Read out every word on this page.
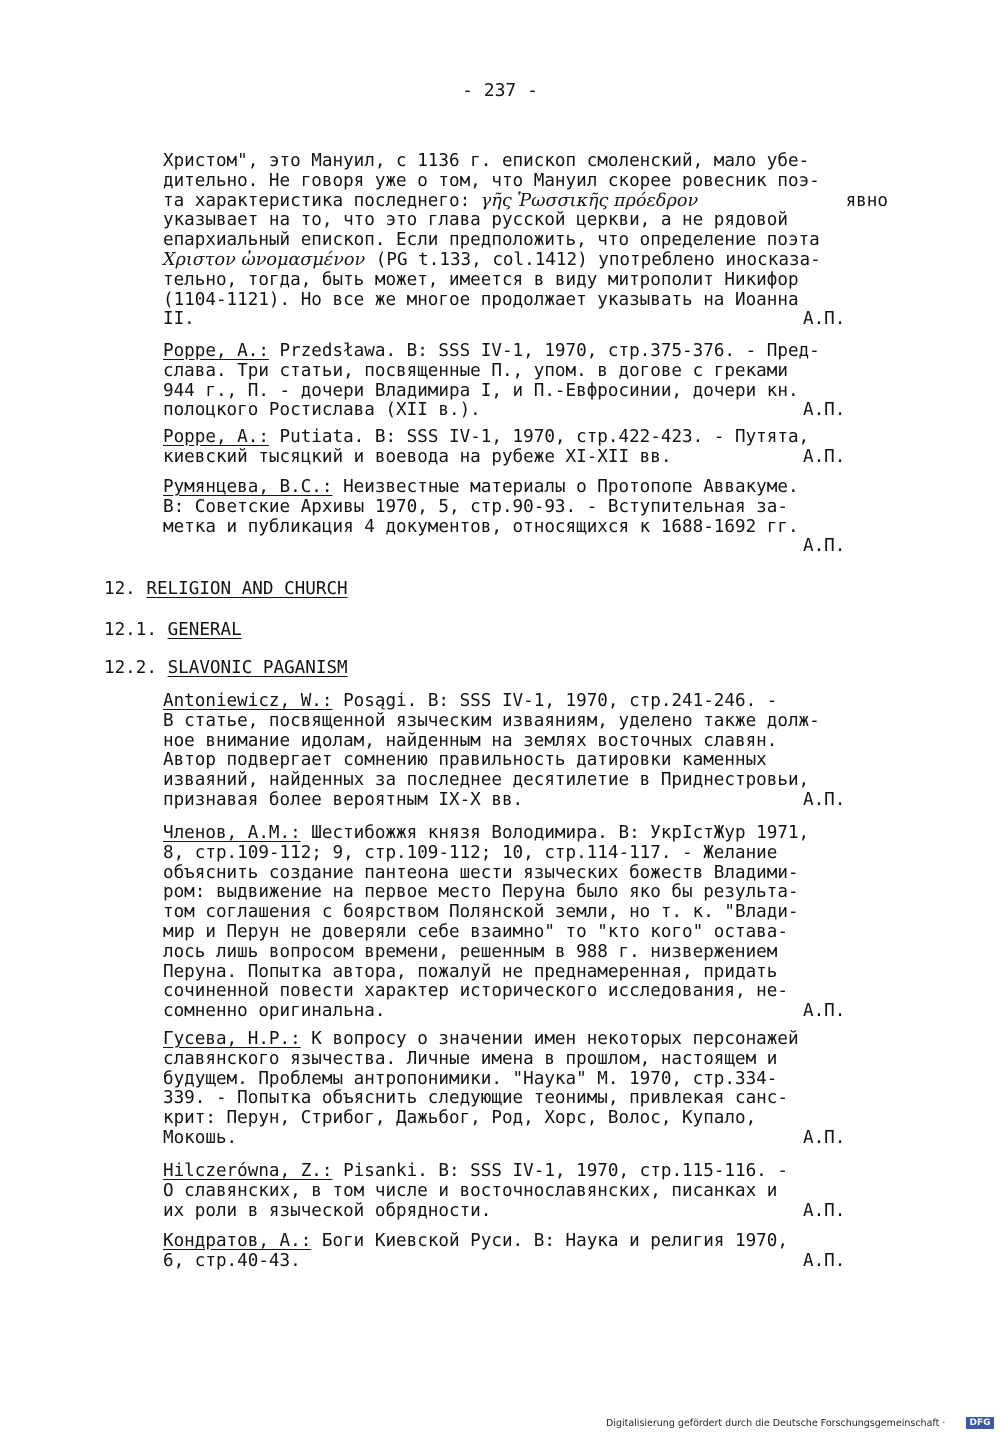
- 237 -
Христом", это Мануил, с 1136 г. епископ смоленский, мало убе-
дительно. Не говоря уже о том, что Мануил скорее ровесник поэ-
та характеристика последнего: γῆς Ῥωσσικῆς πρόεδρον	явно
указывает на то, что это глава русской церкви, а не рядовой
епархиальный епископ. Если предположить, что определение поэта
Χριστον ὠνομασμένον (PG t.133, col.1412) употреблено иносказа-
тельно, тогда, быть может, имеется в виду митрополит Никифор
(1104-1121). Но все же многое продолжает указывать на Иоанна
II.	А.П.
Poppe, A.: Przedsława. В: SSS IV-1, 1970, стр.375-376. - Пред-
слава. Три статьи, посвященные П., упом. в догове с греками
944 г., П. - дочери Владимира I, и П.-Евфросинии, дочери кн.
полоцкого Ростислава (XII в.).	А.П.
Poppe, A.: Putiata. В: SSS IV-1, 1970, стр.422-423. - Путята,
киевский тысяцкий и воевода на рубеже XI-XII вв.	А.П.
Румянцева, В.С.: Неизвестные материалы о Протопопе Аввакуме.
В: Советские Архивы 1970, 5, стр.90-93. - Вступительная за-
метка и публикация 4 документов, относящихся к 1688-1692 гг.
А.П.
12. RELIGION AND CHURCH
12.1. GENERAL
12.2. SLAVONIC PAGANISM
Antoniewicz, W.: Posągi. В: SSS IV-1, 1970, стр.241-246. -
В статье, посвященной языческим изваяниям, уделено также долж-
ное внимание идолам, найденным на землях восточных славян.
Автор подвергает сомнению правильность датировки каменных
изваяний, найденных за последнее десятилетие в Приднестровьи,
признавая более вероятным IX-X вв.	А.П.
Членов, А.М.: Шестибожжя князя Володимира. В: УкрІстЖур 1971,
8, стр.109-112; 9, стр.109-112; 10, стр.114-117. - Желание
объяснить создание пантеона шести языческих божеств Владими-
ром: выдвижение на первое место Перуна было яко бы результа-
том соглашения с боярством Полянской земли, но т. к. "Влади-
мир и Перун не доверяли себе взаимно" то "кто кого" остава-
лось лишь вопросом времени, решенным в 988 г. низвержением
Перуна. Попытка автора, пожалуй не преднамеренная, придать
сочиненной повести характер исторического исследования, не-
А.П.
сомненно оригинальна.
Гусева, Н.Р.: К вопросу о значении имен некоторых персонажей
славянского язычества. Личные имена в прошлом, настоящем и
будущем. Проблемы антропонимики. "Наука" М. 1970, стр.334-
339. - Попытка объяснить следующие теонимы, привлекая санс-
крит: Перун, Стрибог, Дажьбог, Род, Хорс, Волос, Купало,
А.П.
Мокошь.
Hilczerówna, Z.: Pisanki. В: SSS IV-1, 1970, стр.115-116. -
О славянских, в том числе и восточнославянских, писанках и
их роли в языческой обрядности.	А.П.
Кондратов, А.: Боги Киевской Руси. В: Наука и религия 1970,
6, стр.40-43.	А.П.
Digitalisierung gefördert durch die Deutsche Forschungsgemeinschaft ·	DFG
